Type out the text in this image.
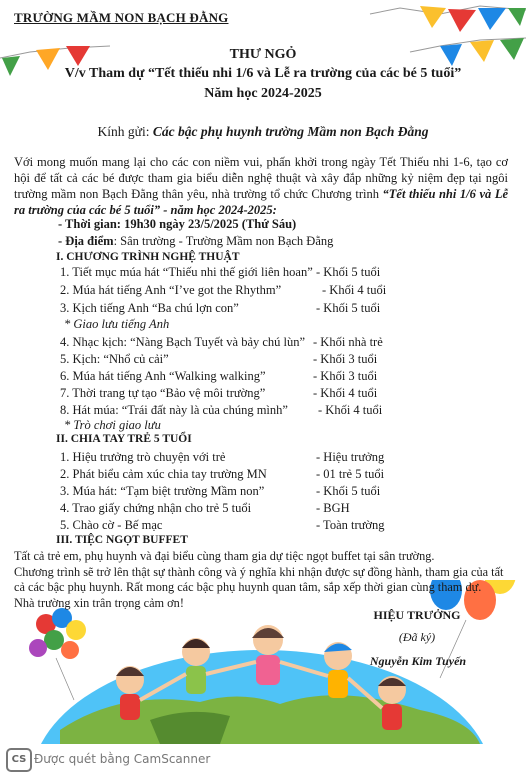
TRƯỜNG MẦM NON BẠCH ĐẰNG
THƯ NGỎ
V/v Tham dự “Tết thiếu nhi 1/6 và Lễ ra trường của các bé 5 tuổi”
Năm học 2024-2025
Kính gửi: Các bậc phụ huynh trường Mầm non Bạch Đằng
Với mong muốn mang lại cho các con niềm vui, phấn khởi trong ngày Tết Thiếu nhi 1-6, tạo cơ hội để tất cả các bé được tham gia biểu diễn nghệ thuật và xây đắp những kỷ niệm đẹp tại ngôi trường mầm non Bạch Đằng thân yêu, nhà trường tổ chức Chương trình “Tết thiếu nhi 1/6 và Lễ ra trường của các bé 5 tuổi” - năm học 2024-2025:
- Thời gian: 19h30 ngày 23/5/2025 (Thứ Sáu)
- Địa điểm: Sân trường - Trường Mầm non Bạch Đằng
I. CHƯƠNG TRÌNH NGHỆ THUẬT
1. Tiết mục múa hát “Thiếu nhi thế giới liên hoan” - Khối 5 tuổi
2. Múa hát tiếng Anh “I’ve got the Rhythm”	- Khối 4 tuổi
3. Kịch tiếng Anh “Ba chú lợn con”	- Khối 5 tuổi
* Giao lưu tiếng Anh
4. Nhạc kịch: “Nàng Bạch Tuyết và bảy chú lùn” - Khối nhà trẻ
5. Kịch: “Nhổ củ cải”	- Khối 3 tuổi
6. Múa hát tiếng Anh “Walking walking”	- Khối 3 tuổi
7. Thời trang tự tạo “Bảo vệ môi trường”	- Khối 4 tuổi
8. Hát múa: “Trái đất này là của chúng mình” - Khối 4 tuổi
* Trò chơi giao lưu
II. CHIA TAY TRẺ 5 TUỔI
1. Hiệu trưởng trò chuyện với trẻ	- Hiệu trưởng
2. Phát biểu cảm xúc chia tay trường MN	- 01 trẻ 5 tuổi
3. Múa hát: “Tạm biệt trường Mầm non”	- Khối 5 tuổi
4. Trao giấy chứng nhận cho trẻ 5 tuổi	- BGH
5. Chào cờ - Bế mạc	- Toàn trường
III. TIỆC NGỌT BUFFET
Tất cả trẻ em, phụ huynh và đại biểu cùng tham gia dự tiệc ngọt buffet tại sân trường.
Chương trình sẽ trở lên thật sự thành công và ý nghĩa khi nhận được sự đồng hành, tham gia của tất cả các bậc phụ huynh. Rất mong các bậc phụ huynh quan tâm, sắp xếp thời gian cùng tham dự.
Nhà trường xin trân trọng cảm ơn!
HIỆU TRƯỞNG
(Đã ký)
Nguyễn Kim Tuyến
CS Được quét bằng CamScanner
